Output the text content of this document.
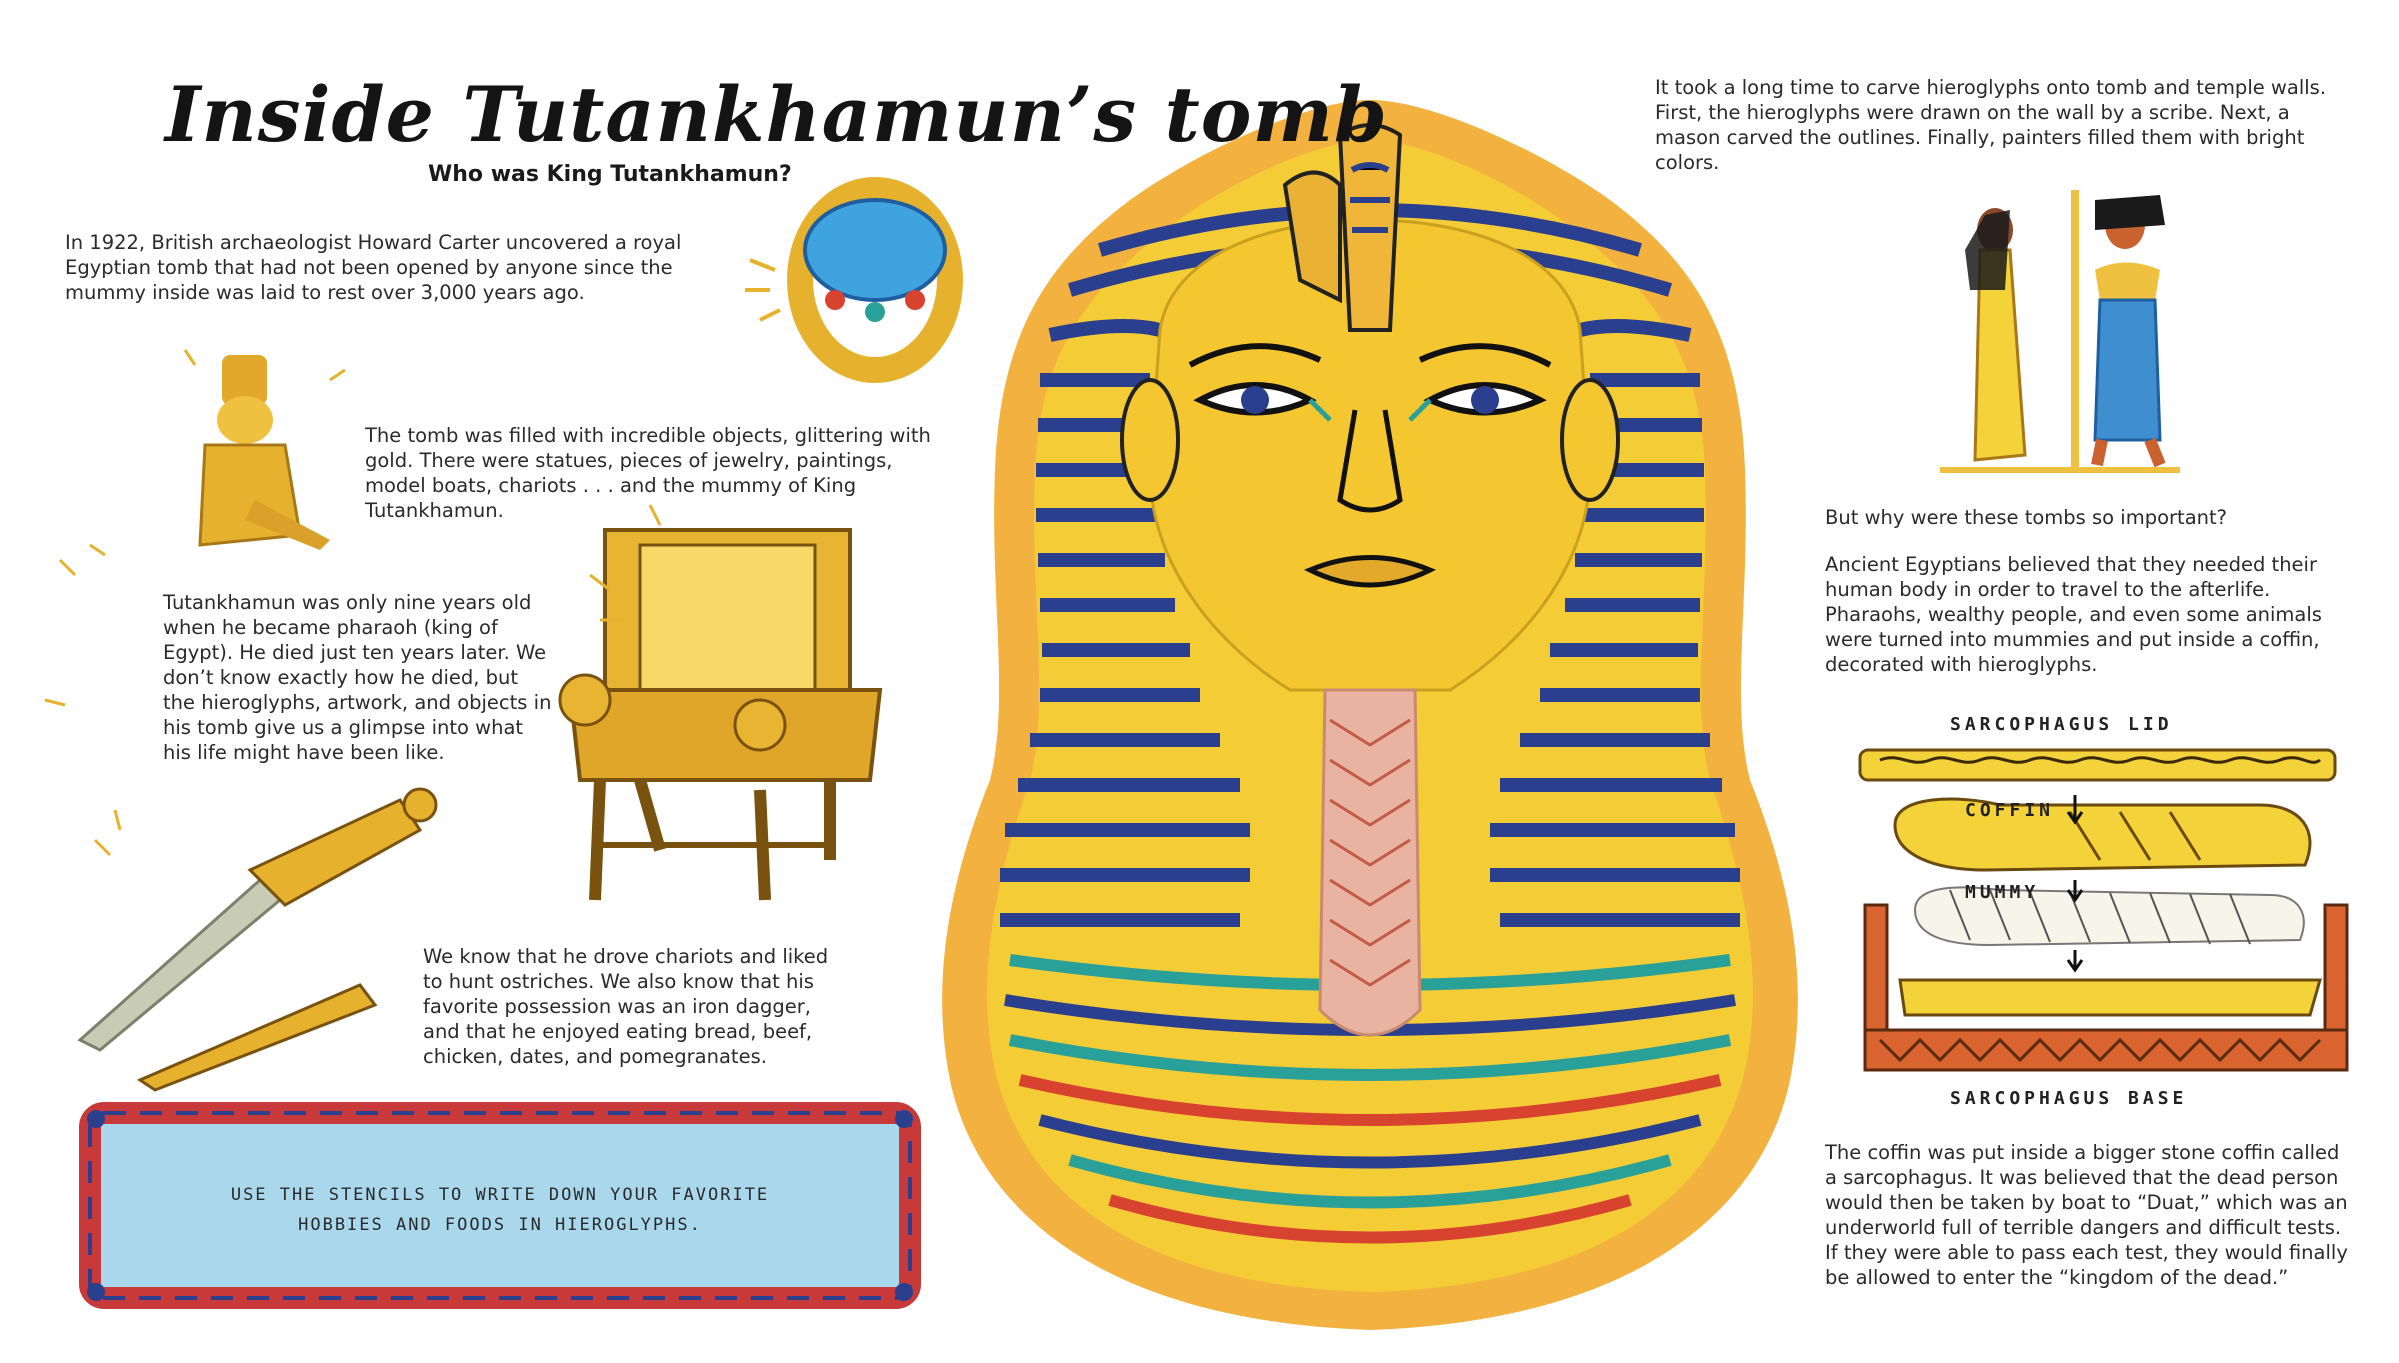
Inside Tutankhamun’s tomb
Who was King Tutankhamun?

In 1922, British archaeologist Howard Carter uncovered a royal Egyptian tomb that had not been opened by anyone since the mummy inside was laid to rest over 3,000 years ago.

The tomb was filled with incredible objects, glittering with gold. There were statues, pieces of jewelry, paintings, model boats, chariots . . . and the mummy of King Tutankhamun.

Tutankhamun was only nine years old when he became pharaoh (king of Egypt). He died just ten years later. We don’t know exactly how he died, but the hieroglyphs, artwork, and objects in his tomb give us a glimpse into what his life might have been like.

We know that he drove chariots and liked to hunt ostriches. We also know that his favorite possession was an iron dagger, and that he enjoyed eating bread, beef, chicken, dates, and pomegranates.

It took a long time to carve hieroglyphs onto tomb and temple walls. First, the hieroglyphs were drawn on the wall by a scribe. Next, a mason carved the outlines. Finally, painters filled them with bright colors.

But why were these tombs so important?

Ancient Egyptians believed that they needed their human body in order to travel to the afterlife. Pharaohs, wealthy people, and even some animals were turned into mummies and put inside a coffin, decorated with hieroglyphs.

The coffin was put inside a bigger stone coffin called a sarcophagus. It was believed that the dead person would then be taken by boat to “Duat,” which was an underworld full of terrible dangers and difficult tests. If they were able to pass each test, they would finally be allowed to enter the “kingdom of the dead.”

SARCOPHAGUS LID
COFFIN
MUMMY
SARCOPHAGUS BASE
USE THE STENCILS TO WRITE DOWN YOUR FAVORITE
HOBBIES AND FOODS IN HIEROGLYPHS.
